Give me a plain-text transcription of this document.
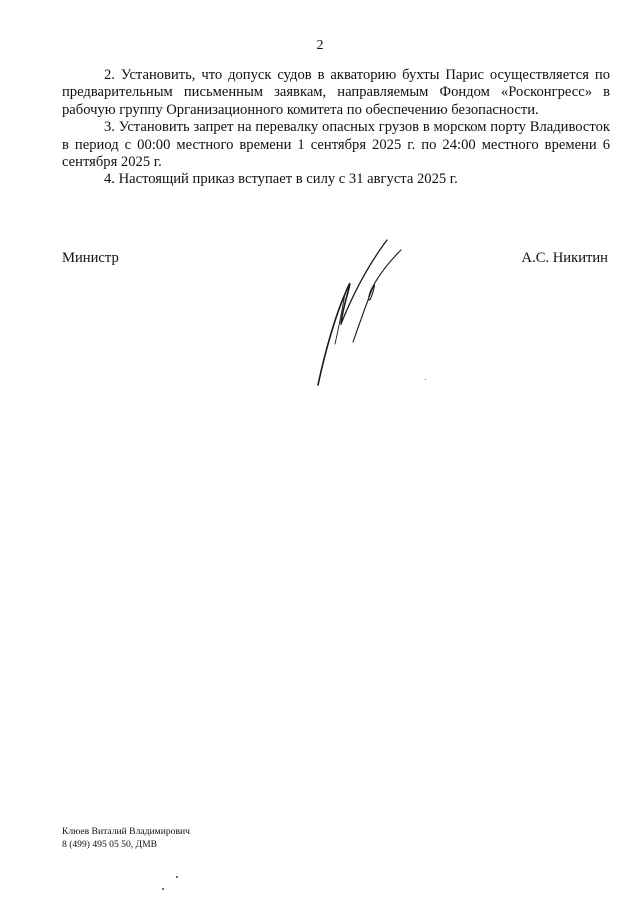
2

2. Установить, что допуск судов в акваторию бухты Парис осуществляется по предварительным письменным заявкам, направляемым Фондом «Росконгресс» в рабочую группу Организационного комитета по обеспечению безопасности.

3. Установить запрет на перевалку опасных грузов в морском порту Владивосток в период с 00:00 местного времени 1 сентября 2025 г. по 24:00 местного времени 6 сентября 2025 г.

4. Настоящий приказ вступает в силу с 31 августа 2025 г.

Министр	А.С. Никитин
Клюев Виталий Владимирович
8 (499) 495 05 50, ДМВ
